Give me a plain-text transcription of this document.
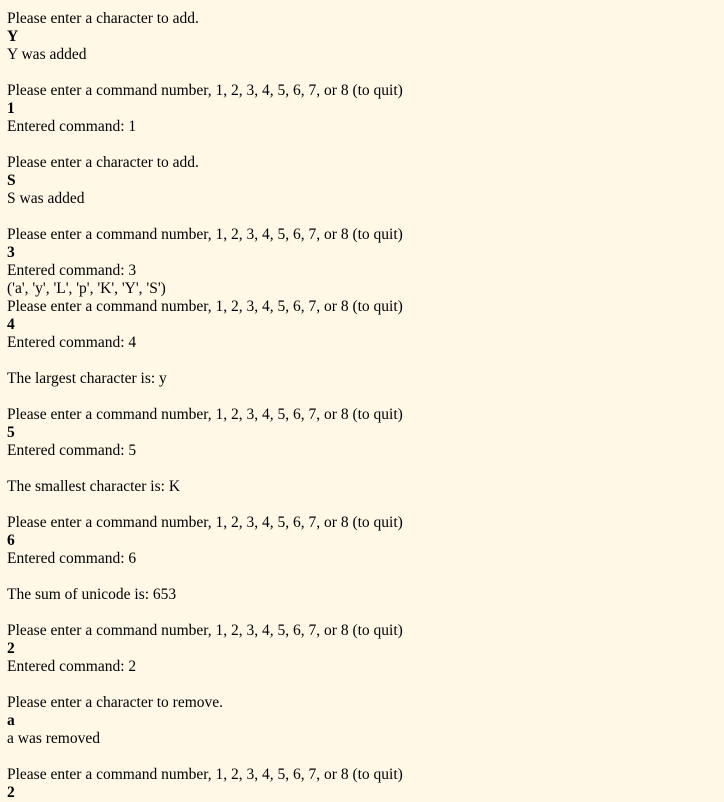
Please enter a character to add.
Y
Y was added
Please enter a command number, 1, 2, 3, 4, 5, 6, 7, or 8 (to quit)
1
Entered command: 1
Please enter a character to add.
S
S was added
Please enter a command number, 1, 2, 3, 4, 5, 6, 7, or 8 (to quit)
3
Entered command: 3
('a', 'y', 'L', 'p', 'K', 'Y', 'S')
Please enter a command number, 1, 2, 3, 4, 5, 6, 7, or 8 (to quit)
4
Entered command: 4
The largest character is: y
Please enter a command number, 1, 2, 3, 4, 5, 6, 7, or 8 (to quit)
5
Entered command: 5
The smallest character is: K
Please enter a command number, 1, 2, 3, 4, 5, 6, 7, or 8 (to quit)
6
Entered command: 6
The sum of unicode is: 653
Please enter a command number, 1, 2, 3, 4, 5, 6, 7, or 8 (to quit)
2
Entered command: 2
Please enter a character to remove.
a
a was removed
Please enter a command number, 1, 2, 3, 4, 5, 6, 7, or 8 (to quit)
2
